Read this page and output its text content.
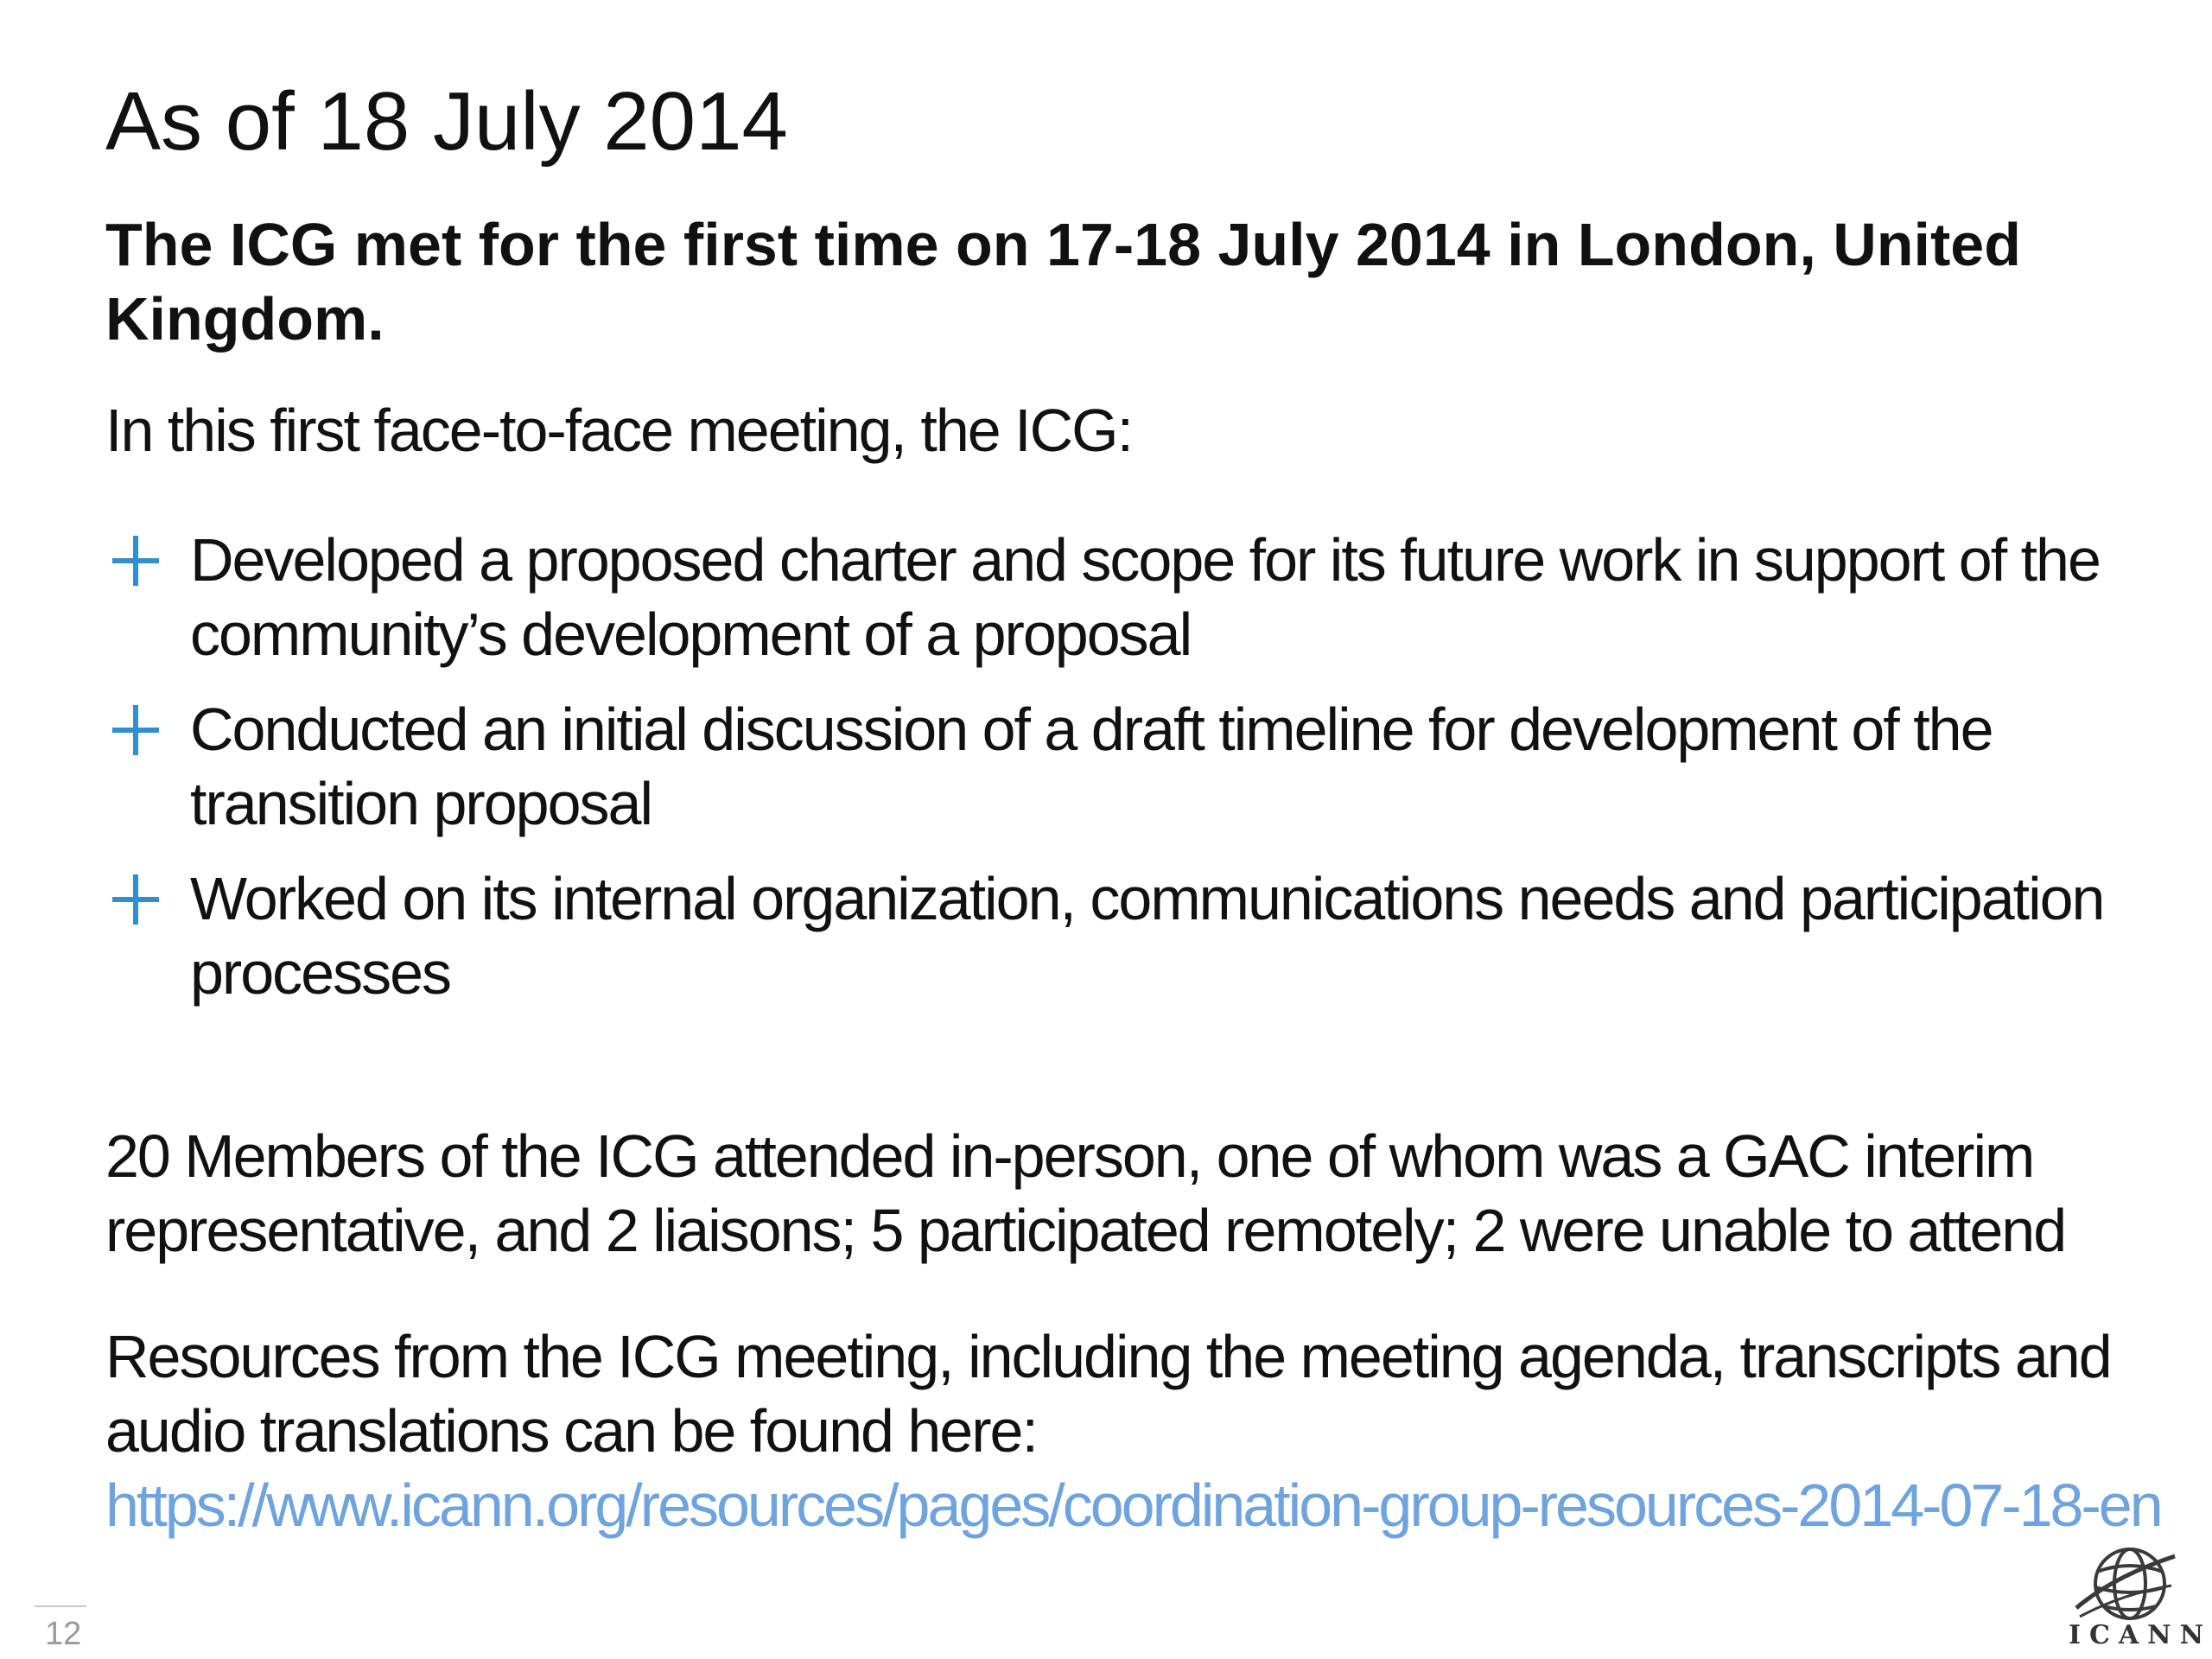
As of 18 July 2014

The ICG met for the first time on 17-18 July 2014 in London, United Kingdom.

In this first face-to-face meeting, the ICG:

Developed a proposed charter and scope for its future work in support of the community’s development of a proposal
Conducted an initial discussion of a draft timeline for development of the transition proposal
Worked on its internal organization, communications needs and participation processes

20 Members of the ICG attended in-person, one of whom was a GAC interim representative, and 2 liaisons; 5 participated remotely; 2 were unable to attend

Resources from the ICG meeting, including the meeting agenda, transcripts and audio translations can be found here:
https://www.icann.org/resources/pages/coordination-group-resources-2014-07-18-en
12	ICANN
